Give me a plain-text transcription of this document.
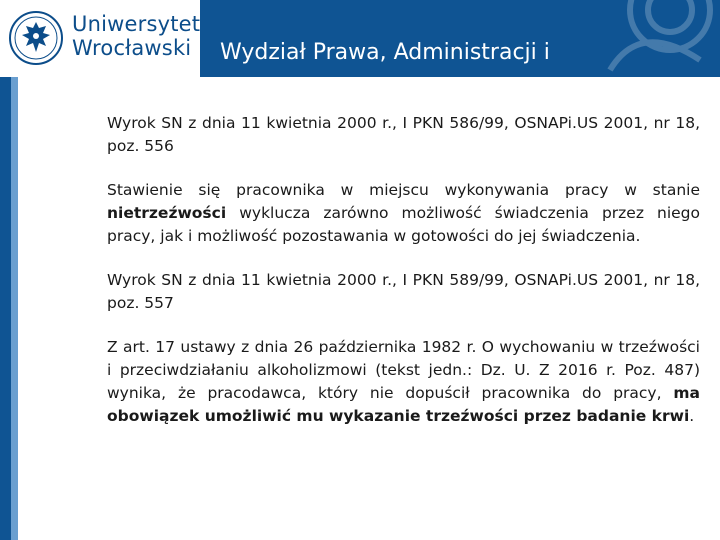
Uniwersytet
Wrocławski	Wydział Prawa, Administracji i Ekonomii

Wyrok SN z dnia 11 kwietnia 2000 r., I PKN 586/99, OSNAPi.US 2001, nr 18, poz. 556

Stawienie się pracownika w miejscu wykonywania pracy w stanie nietrzeźwości wyklucza zarówno możliwość świadczenia przez niego pracy, jak i możliwość pozostawania w gotowości do jej świadczenia.

Wyrok SN z dnia 11 kwietnia 2000 r., I PKN 589/99, OSNAPi.US 2001, nr 18, poz. 557

Z art. 17 ustawy z dnia 26 października 1982 r. O wychowaniu w trzeźwości i przeciwdziałaniu alkoholizmowi (tekst jedn.: Dz. U. Z 2016 r. Poz. 487) wynika, że pracodawca, który nie dopuścił pracownika do pracy, ma obowiązek umożliwić mu wykazanie trzeźwości przez badanie krwi.
